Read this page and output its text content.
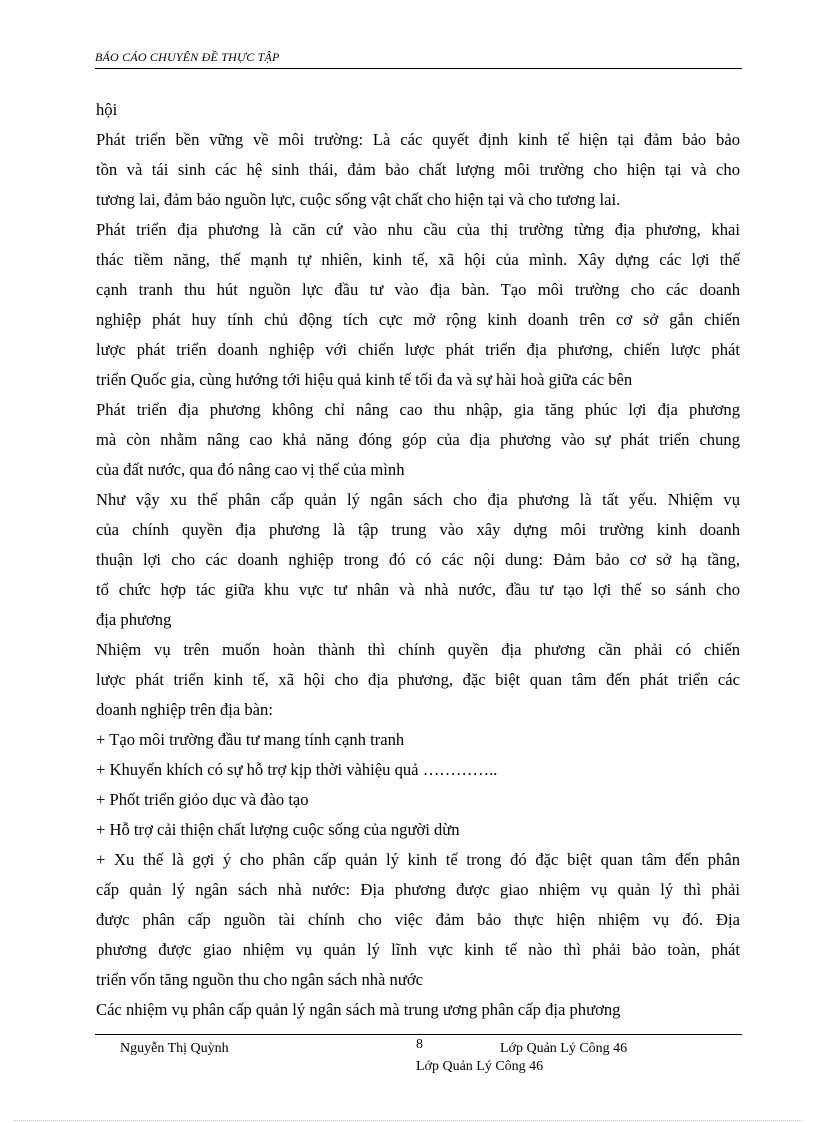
BÁO CÁO CHUYÊN ĐỀ THỰC TẬP
hội
Phát triển bền vững về môi trường: Là các quyết định kinh tế hiện tại đảm bảo bảo
tồn và tái sinh các hệ sinh thái, đảm bảo chất lượng môi trường cho hiện tại và cho
tương lai, đảm bảo nguồn lực, cuộc sống vật chất cho hiện tại và cho tương lai.
Phát triển địa phương là căn cứ vào nhu cầu của thị trường từng địa phương, khai
thác tiềm năng, thế mạnh tự nhiên, kinh tế, xã hội của mình. Xây dựng các lợi thế
cạnh tranh thu hút nguồn lực đầu tư vào địa bàn. Tạo môi trường cho các doanh
nghiệp phát huy tính chủ động tích cực mở rộng kinh doanh trên cơ sở gắn chiến
lược phát triển doanh nghiệp với chiến lược phát triển địa phương, chiến lược phát
triển Quốc gia, cùng hướng tới hiệu quả kinh tế tối đa và sự hài hoà giữa các bên
Phát triển địa phương không chỉ nâng cao thu nhập, gia tăng phúc lợi địa phương
mà còn nhằm nâng cao khả năng đóng góp của địa phương vào sự phát triển chung
của đất nước, qua đó nâng cao vị thế của mình
Như vậy xu thế phân cấp quản lý ngân sách cho địa phương là tất yếu. Nhiệm vụ
của chính quyền địa phương là tập trung vào xây dựng môi trường kinh doanh
thuận lợi cho các doanh nghiệp trong đó có các nội dung: Đảm bảo cơ sở hạ tầng,
tổ chức hợp tác giữa khu vực tư nhân và nhà nước, đầu tư tạo lợi thế so sánh cho
địa phương
Nhiệm vụ trên muốn hoàn thành thì chính quyền địa phương cần phải có chiến
lược phát triển kinh tế, xã hội cho địa phương, đặc biệt quan tâm đến phát triển các
doanh nghiệp trên địa bàn:
+ Tạo môi trường đầu tư mang tính cạnh tranh
+ Khuyến khích có sự hỗ trợ kịp thời vàhiệu quả …………..
+ Phốt triển giỏo dục và đào tạo
+ Hỗ trợ cải thiện chất lượng cuộc sống của người dừn
+ Xu thế là gợi ý cho phân cấp quản lý kinh tế trong đó đặc biệt quan tâm đến phân
cấp quản lý ngân sách nhà nước: Địa phương được giao nhiệm vụ quản lý thì phải
được phân cấp nguồn tài chính cho việc đảm bảo thực hiện nhiệm vụ đó. Địa
phương được giao nhiệm vụ quản lý lĩnh vực kinh tế nào thì phải bảo toàn, phát
triển vốn tăng nguồn thu cho ngân sách nhà nước
Các nhiệm vụ phân cấp quản lý ngân sách mà trung ương phân cấp địa phương
Nguyễn Thị Quỳnh	8	Lớp Quản Lý Công 46
Lớp Quản Lý Công 46
